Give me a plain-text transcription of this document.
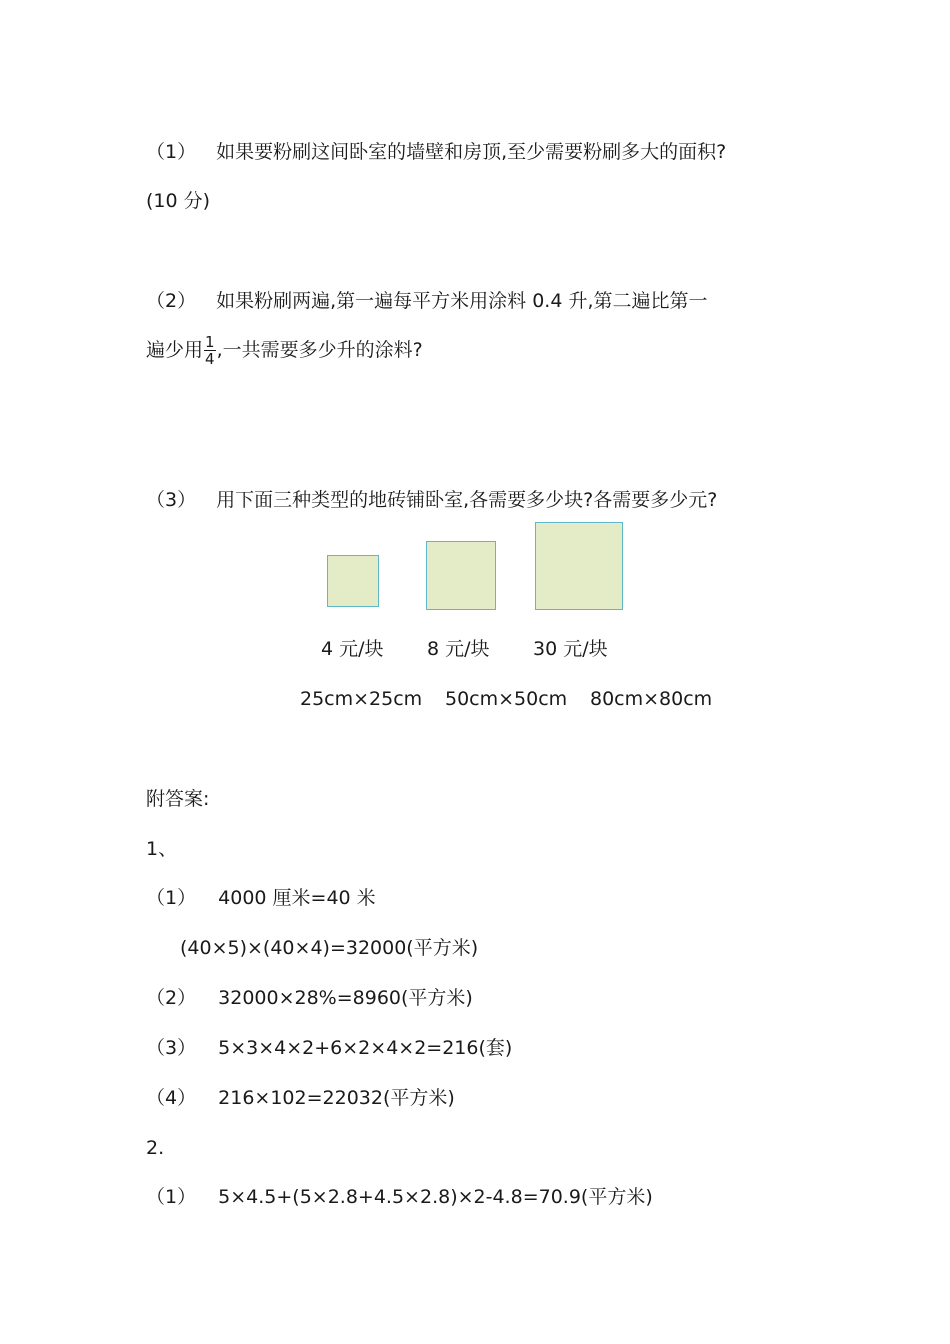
（1） 如果要粉刷这间卧室的墙壁和房顶,至少需要粉刷多大的面积?
(10 分)
（2） 如果粉刷两遍,第一遍每平方米用涂料 0.4 升,第二遍比第一
遍少用 $\frac{1}{4}$ ,一共需要多少升的涂料?
（3） 用下面三种类型的地砖铺卧室,各需要多少块?各需要多少元?
4 元/块 8 元/块 30 元/块
25cm×25cm 50cm×50cm 80cm×80cm
附答案:
1、
（1） 4000 厘米=40 米
(40×5)×(40×4)=32000(平方米)
（2） 32000×28%=8960(平方米)
（3） 5×3×4×2+6×2×4×2=216(套)
（4） 216×102=22032(平方米)
2.
（1） 5×4.5+(5×2.8+4.5×2.8)×2-4.8=70.9(平方米)
